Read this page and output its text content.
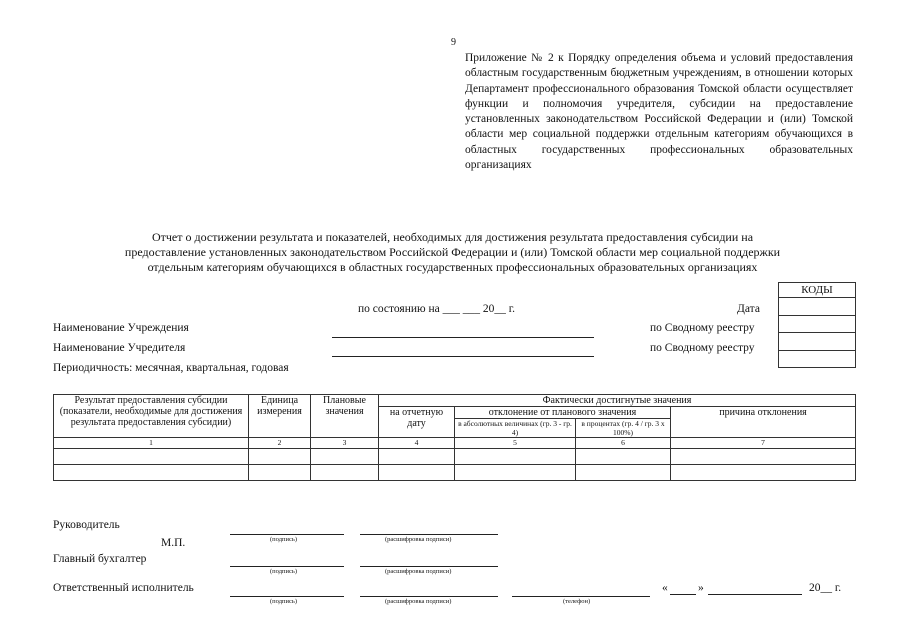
9
Приложение № 2 к Порядку определения объема и условий предоставления областным государственным бюджетным учреждениям, в отношении которых Департамент профессионального образования Томской области осуществляет функции и полномочия учредителя, субсидии на предоставление установленных законодательством Российской Федерации и (или) Томской области мер социальной поддержки отдельным категориям обучающихся в областных государственных профессиональных образовательных организациях
Отчет о достижении результата и показателей, необходимых для достижения результата предоставления субсидии на
предоставление установленных законодательством Российской Федерации и (или) Томской области мер социальной поддержки
отдельным категориям обучающихся в областных государственных профессиональных образовательных организациях
КОДЫ

по состоянию на ___ ___ 20__ г.	Дата
Наименование Учреждения	по Сводному реестру
Наименование Учредителя	по Сводному реестру
Периодичность: месячная, квартальная, годовая
Результат предоставления субсидии (показатели, необходимые для достижения результата предоставления субсидии)	Единица измерения	Плановые значения	Фактически достигнутые значения			
			на отчетную дату	отклонение от планового значения		причина отклонения
				в абсолютных величинах (гр. 3 - гр. 4)	в процентах (гр. 4 / гр. 3 х 100%)	
1	2	3	4	5	6	7

Руководитель
М.П.	(подпись)	(расшифровка подписи)
Главный бухгалтер
(подпись)	(расшифровка подписи)
Ответственный исполнитель
(подпись)	(расшифровка подписи)	(телефон)
«	»	20__ г.
